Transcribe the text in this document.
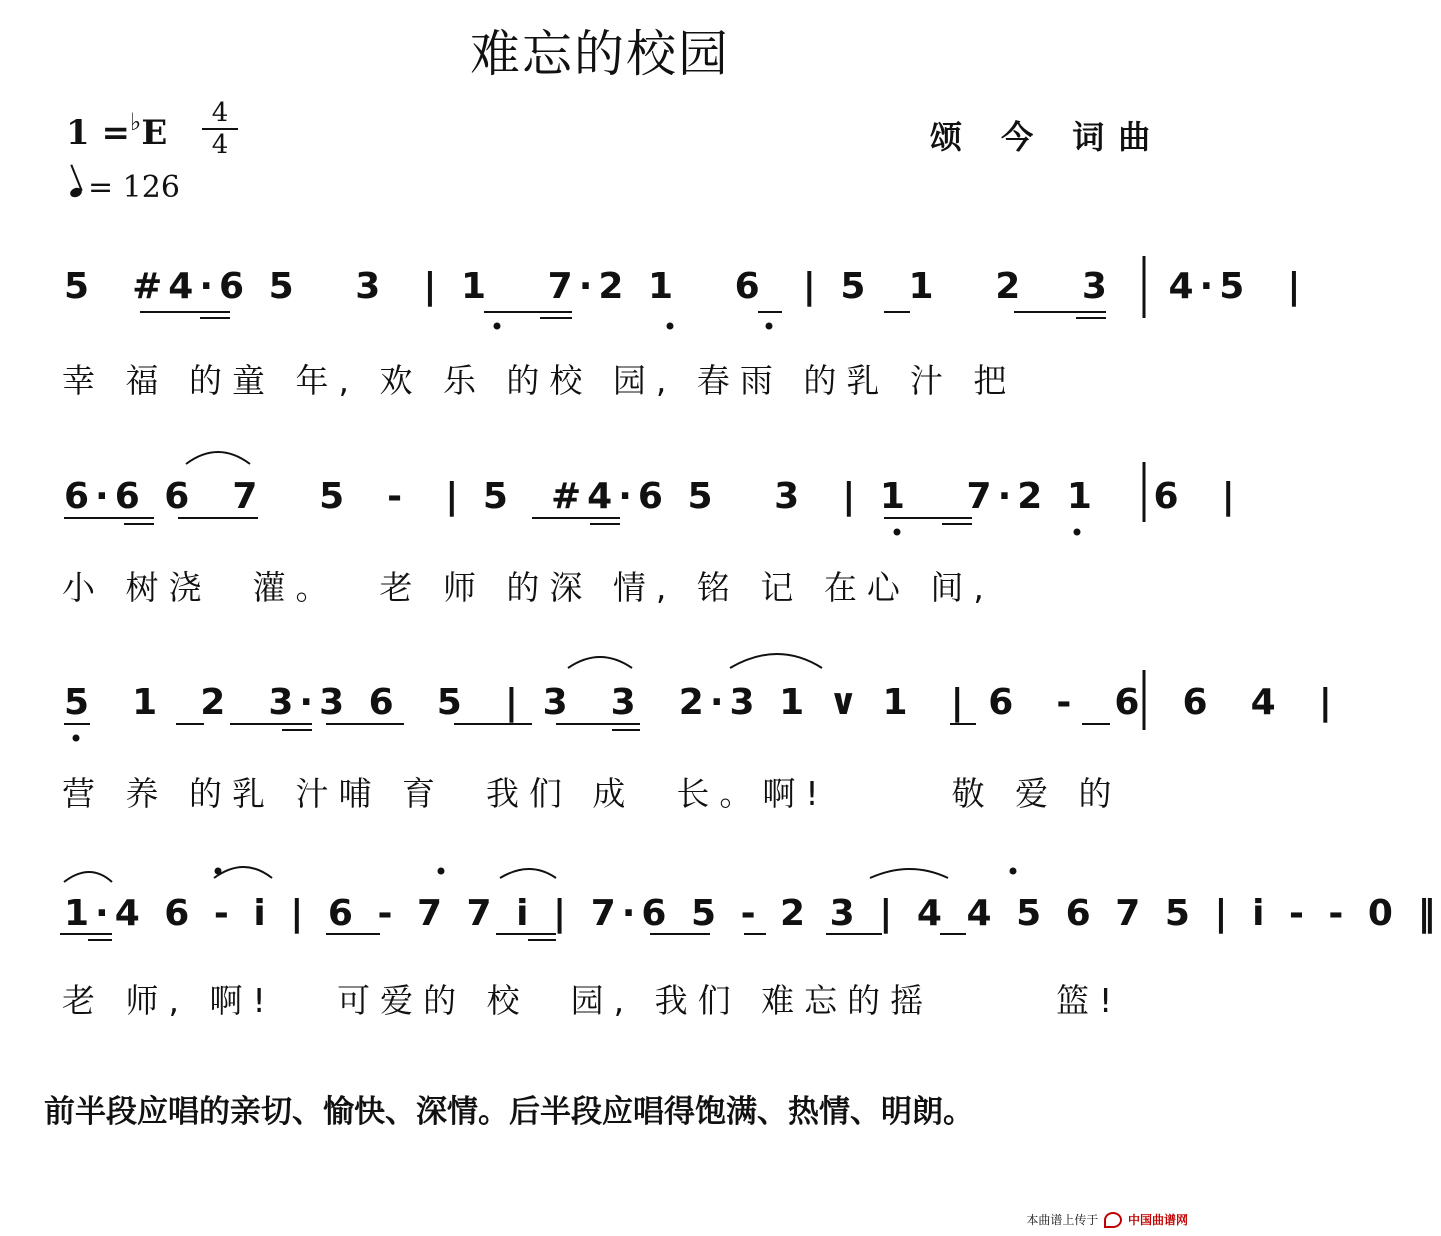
难忘的校园
1 =♭E	4
4
= 126
颂 今 词曲
5  #4·6 5   3  | 1   7·2 1   6  | 5  1   2   3   4·5  |
幸 福 的童 年, 欢 乐 的校 园, 春雨 的乳 汁 把
6·6 6  7   5  -  | 5  #4·6 5   3  | 1   7·2 1   6  |
小 树浇  灌。  老 师 的深 情, 铭 记 在心 间,
5  1  2  3·3 6  5  | 3  3  2·3 1 ∨ 1  | 6  -  6  6  4  |
营 养 的乳 汁哺 育  我们 成  长。啊!      敬 爱 的
1·4 6 - i | 6 - 7 7 i | 7·6 5 - 2 3 | 4 4 5 6 7 5 | i - - 0 ‖
老 师, 啊!   可爱的 校  园, 我们 难忘的摇      篮!
前半段应唱的亲切、愉快、深情。后半段应唱得饱满、热情、明朗。
本曲谱上传于 中国曲谱网
